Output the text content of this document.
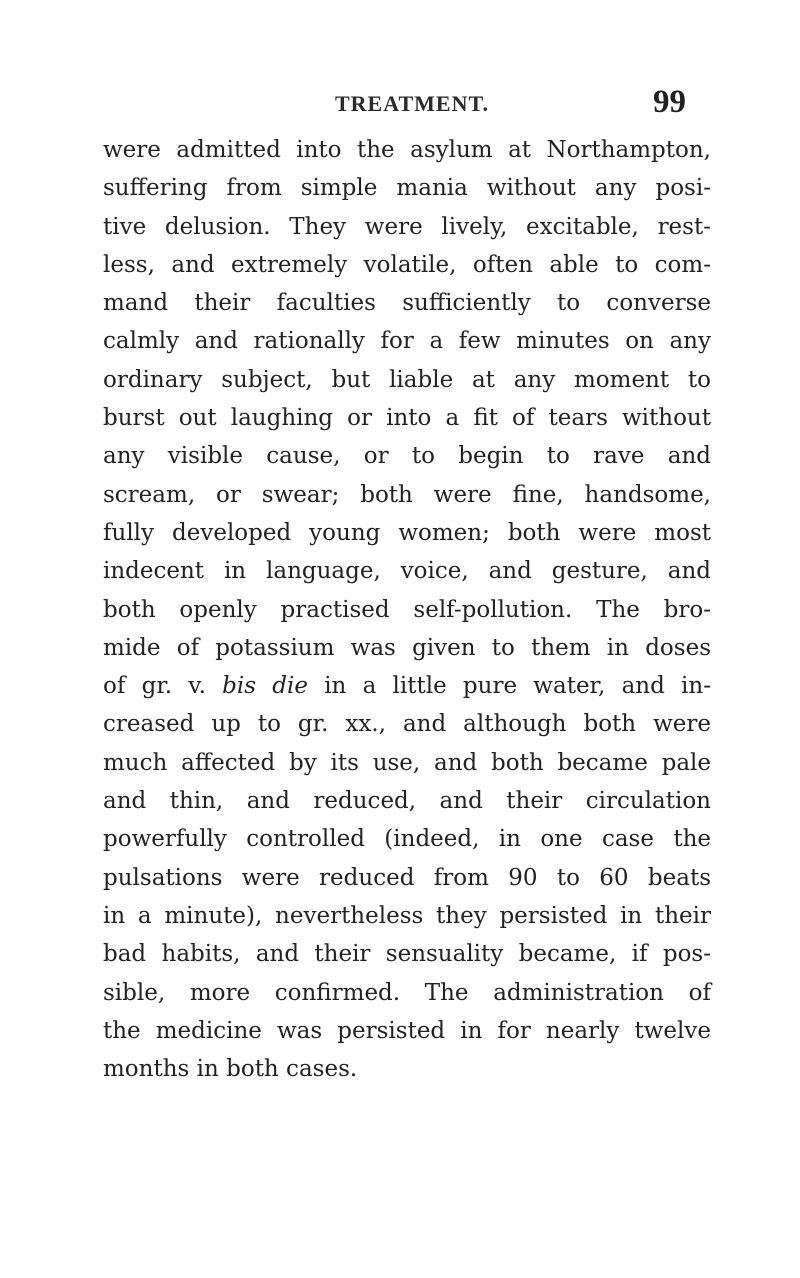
TREATMENT.	99
were admitted into the asylum at Northampton,
suffering from simple mania without any posi-
tive delusion. They were lively, excitable, rest-
less, and extremely volatile, often able to com-
mand their faculties sufficiently to converse
calmly and rationally for a few minutes on any
ordinary subject, but liable at any moment to
burst out laughing or into a fit of tears without
any visible cause, or to begin to rave and
scream, or swear; both were fine, handsome,
fully developed young women; both were most
indecent in language, voice, and gesture, and
both openly practised self-pollution. The bro-
mide of potassium was given to them in doses
of gr. v. bis die in a little pure water, and in-
creased up to gr. xx., and although both were
much affected by its use, and both became pale
and thin, and reduced, and their circulation
powerfully controlled (indeed, in one case the
pulsations were reduced from 90 to 60 beats
in a minute), nevertheless they persisted in their
bad habits, and their sensuality became, if pos-
sible, more confirmed. The administration of
the medicine was persisted in for nearly twelve
months in both cases.
